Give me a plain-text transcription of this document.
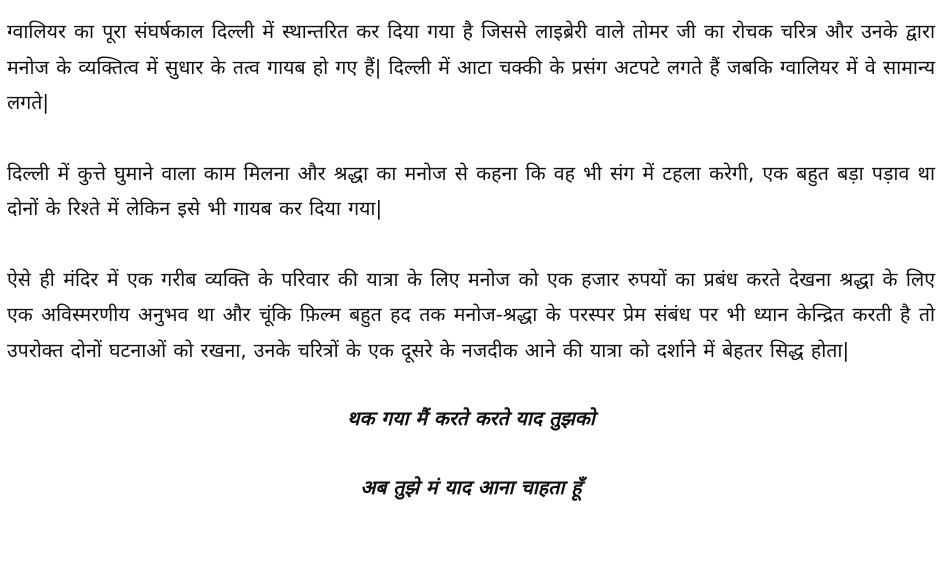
ग्वालियर का पूरा संघर्षकाल दिल्ली में स्थान्तरित कर दिया गया है जिससे लाइब्रेरी वाले तोमर जी का रोचक चरित्र और उनके द्वारा मनोज के व्यक्तित्व में सुधार के तत्व गायब हो गए हैं| दिल्ली में आटा चक्की के प्रसंग अटपटे लगते हैं जबकि ग्वालियर में वे सामान्य लगते|

दिल्ली में कुत्ते घुमाने वाला काम मिलना और श्रद्धा का मनोज से कहना कि वह भी संग में टहला करेगी, एक बहुत बड़ा पड़ाव था दोनों के रिश्ते में लेकिन इसे भी गायब कर दिया गया|

ऐसे ही मंदिर में एक गरीब व्यक्ति के परिवार की यात्रा के लिए मनोज को एक हजार रुपयों का प्रबंध करते देखना श्रद्धा के लिए एक अविस्मरणीय अनुभव था और चूंकि फ़िल्म बहुत हद तक मनोज-श्रद्धा के परस्पर प्रेम संबंध पर भी ध्यान केन्द्रित करती है तो उपरोक्त दोनों घटनाओं को रखना, उनके चरित्रों के एक दूसरे के नजदीक आने की यात्रा को दर्शाने में बेहतर सिद्ध होता|

थक गया मैं करते करते याद तुझको

अब तुझे मं याद आना चाहता हूँ
